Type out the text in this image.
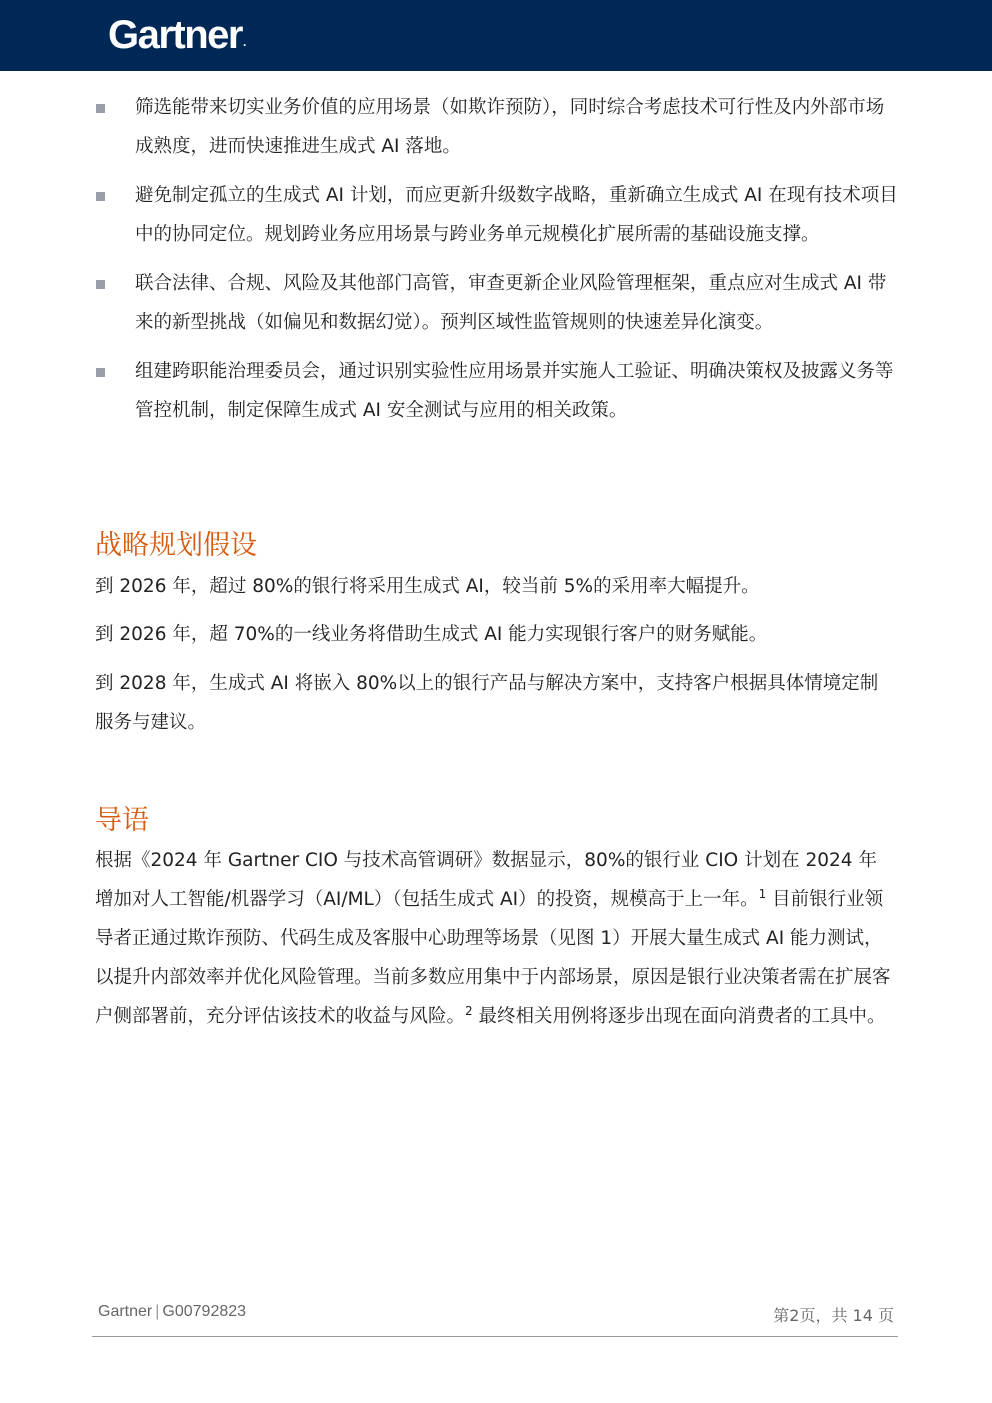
Gartner.
筛选能带来切实业务价值的应用场景（如欺诈预防），同时综合考虑技术可行性及内外部市场成熟度，进而快速推进生成式 AI 落地。
避免制定孤立的生成式 AI 计划，而应更新升级数字战略，重新确立生成式 AI 在现有技术项目中的协同定位。规划跨业务应用场景与跨业务单元规模化扩展所需的基础设施支撑。
联合法律、合规、风险及其他部门高管，审查更新企业风险管理框架，重点应对生成式 AI 带来的新型挑战（如偏见和数据幻觉）。预判区域性监管规则的快速差异化演变。
组建跨职能治理委员会，通过识别实验性应用场景并实施人工验证、明确决策权及披露义务等管控机制，制定保障生成式 AI 安全测试与应用的相关政策。
战略规划假设

到 2026 年，超过 80%的银行将采用生成式 AI，较当前 5%的采用率大幅提升。

到 2026 年，超 70%的一线业务将借助生成式 AI 能力实现银行客户的财务赋能。

到 2028 年，生成式 AI 将嵌入 80%以上的银行产品与解决方案中，支持客户根据具体情境定制服务与建议。

导语

根据《2024 年 Gartner CIO 与技术高管调研》数据显示，80%的银行业 CIO 计划在 2024 年增加对人工智能/机器学习（AI/ML）（包括生成式 AI）的投资，规模高于上一年。$^1$ 目前银行业领导者正通过欺诈预防、代码生成及客服中心助理等场景（见图 1）开展大量生成式 AI 能力测试，以提升内部效率并优化风险管理。当前多数应用集中于内部场景，原因是银行业决策者需在扩展客户侧部署前，充分评估该技术的收益与风险。$^2$ 最终相关用例将逐步出现在面向消费者的工具中。

Gartner | G00792823	第2页，共 14 页
